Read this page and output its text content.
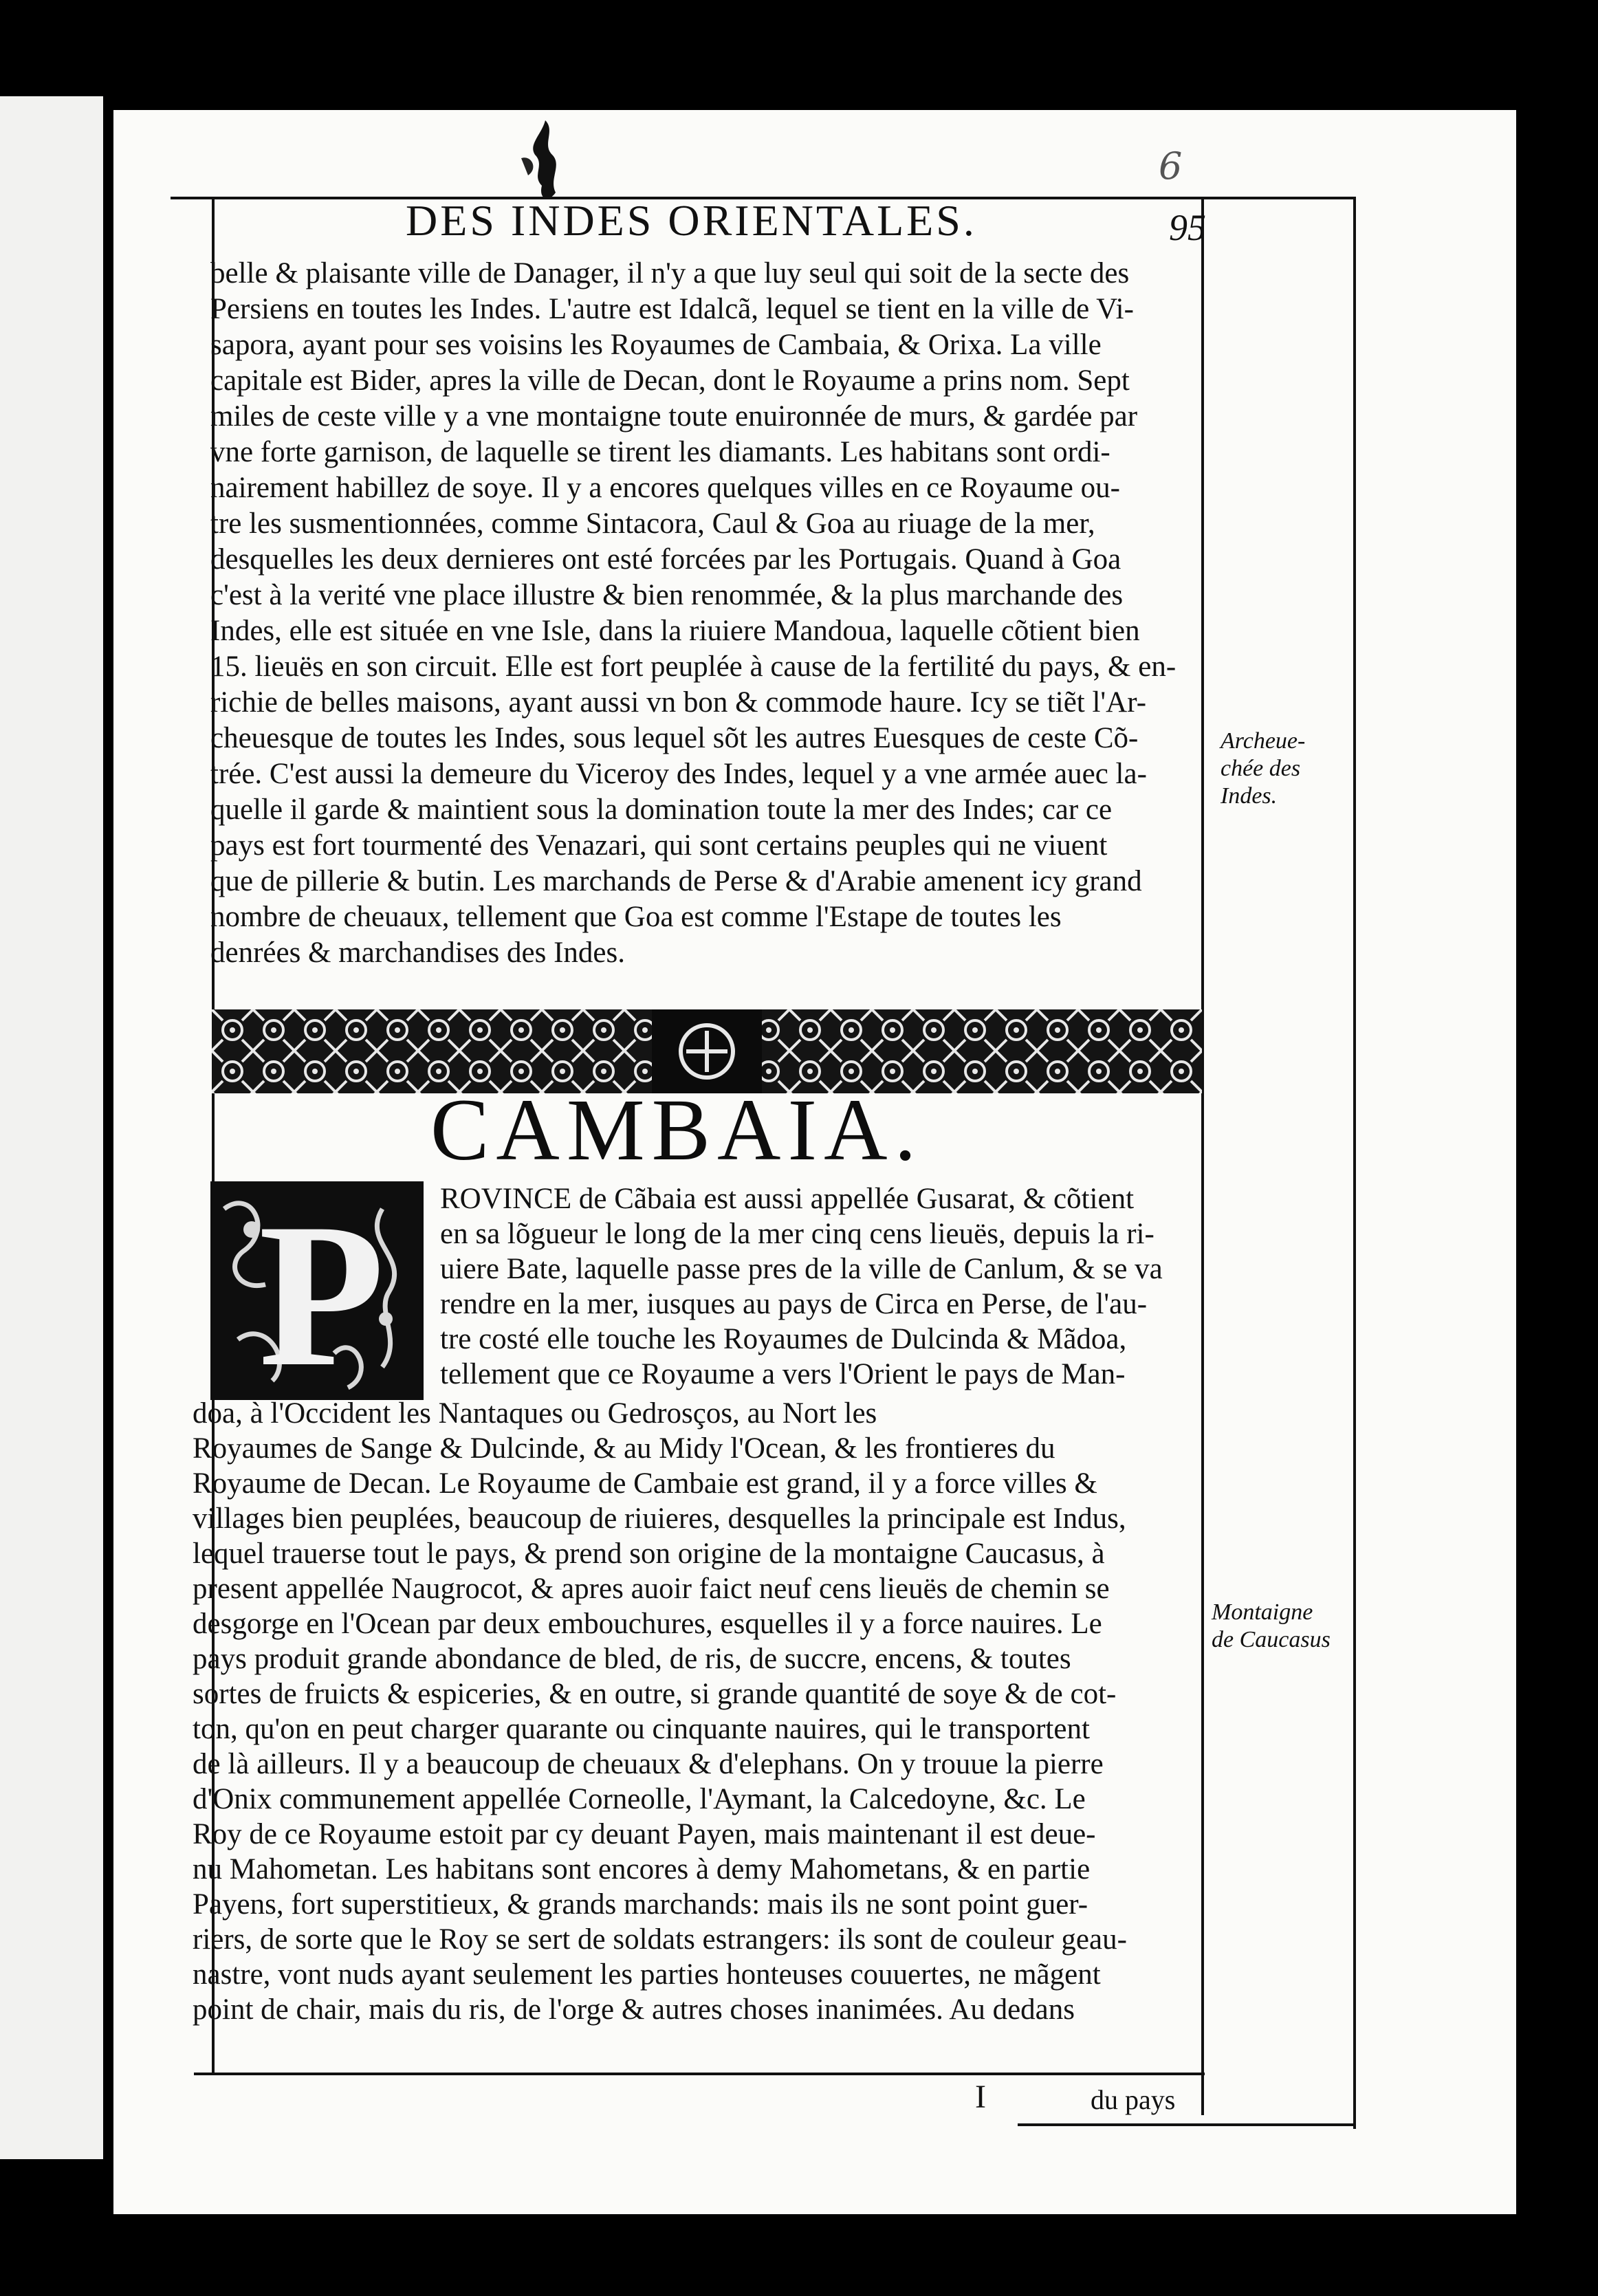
6
DES INDES ORIENTALES.	95
belle & plaisante ville de Danager, il n'y a que luy seul qui soit de la secte des
Persiens en toutes les Indes. L'autre est Idalcã, lequel se tient en la ville de Vi-
sapora, ayant pour ses voisins les Royaumes de Cambaia, & Orixa. La ville
capitale est Bider, apres la ville de Decan, dont le Royaume a prins nom. Sept
miles de ceste ville y a vne montaigne toute enuironnée de murs, & gardée par
vne forte garnison, de laquelle se tirent les diamants. Les habitans sont ordi-
nairement habillez de soye. Il y a encores quelques villes en ce Royaume ou-
tre les susmentionnées, comme Sintacora, Caul & Goa au riuage de la mer,
desquelles les deux dernieres ont esté forcées par les Portugais. Quand à Goa
c'est à la verité vne place illustre & bien renommée, & la plus marchande des
Indes, elle est située en vne Isle, dans la riuiere Mandoua, laquelle cõtient bien
15. lieuës en son circuit. Elle est fort peuplée à cause de la fertilité du pays, & en-
richie de belles maisons, ayant aussi vn bon & commode haure. Icy se tiẽt l'Ar-
cheuesque de toutes les Indes, sous lequel sõt les autres Euesques de ceste Cõ-
trée. C'est aussi la demeure du Viceroy des Indes, lequel y a vne armée auec la-
quelle il garde & maintient sous la domination toute la mer des Indes; car ce
pays est fort tourmenté des Venazari, qui sont certains peuples qui ne viuent
que de pillerie & butin. Les marchands de Perse & d'Arabie amenent icy grand
nombre de cheuaux, tellement que Goa est comme l'Estape de toutes les
denrées & marchandises des Indes.
Archeue-
chée des
Indes.
CAMBAIA.
P ROVINCE de Cãbaia est aussi appellée Gusarat, & cõtient
en sa lõgueur le long de la mer cinq cens lieuës, depuis la ri-
uiere Bate, laquelle passe pres de la ville de Canlum, & se va
rendre en la mer, iusques au pays de Circa en Perse, de l'au-
tre costé elle touche les Royaumes de Dulcinda & Mãdoa,
tellement que ce Royaume a vers l'Orient le pays de Man-
doa, à l'Occident les Nantaques ou Gedrosços, au Nort les
Royaumes de Sange & Dulcinde, & au Midy l'Ocean, & les frontieres du
Royaume de Decan. Le Royaume de Cambaie est grand, il y a force villes &
villages bien peuplées, beaucoup de riuieres, desquelles la principale est Indus,
lequel trauerse tout le pays, & prend son origine de la montaigne Caucasus, à
present appellée Naugrocot, & apres auoir faict neuf cens lieuës de chemin se
desgorge en l'Ocean par deux embouchures, esquelles il y a force nauires. Le
pays produit grande abondance de bled, de ris, de succre, encens, & toutes
sortes de fruicts & espiceries, & en outre, si grande quantité de soye & de cot-
ton, qu'on en peut charger quarante ou cinquante nauires, qui le transportent
de là ailleurs. Il y a beaucoup de cheuaux & d'elephans. On y trouue la pierre
d'Onix communement appellée Corneolle, l'Aymant, la Calcedoyne, &c. Le
Roy de ce Royaume estoit par cy deuant Payen, mais maintenant il est deue-
nu Mahometan. Les habitans sont encores à demy Mahometans, & en partie
Payens, fort superstitieux, & grands marchands: mais ils ne sont point guer-
riers, de sorte que le Roy se sert de soldats estrangers: ils sont de couleur geau-
nastre, vont nuds ayant seulement les parties honteuses couuertes, ne mãgent
point de chair, mais du ris, de l'orge & autres choses inanimées. Au dedans
Montaigne
de Caucasus
I	du pays
